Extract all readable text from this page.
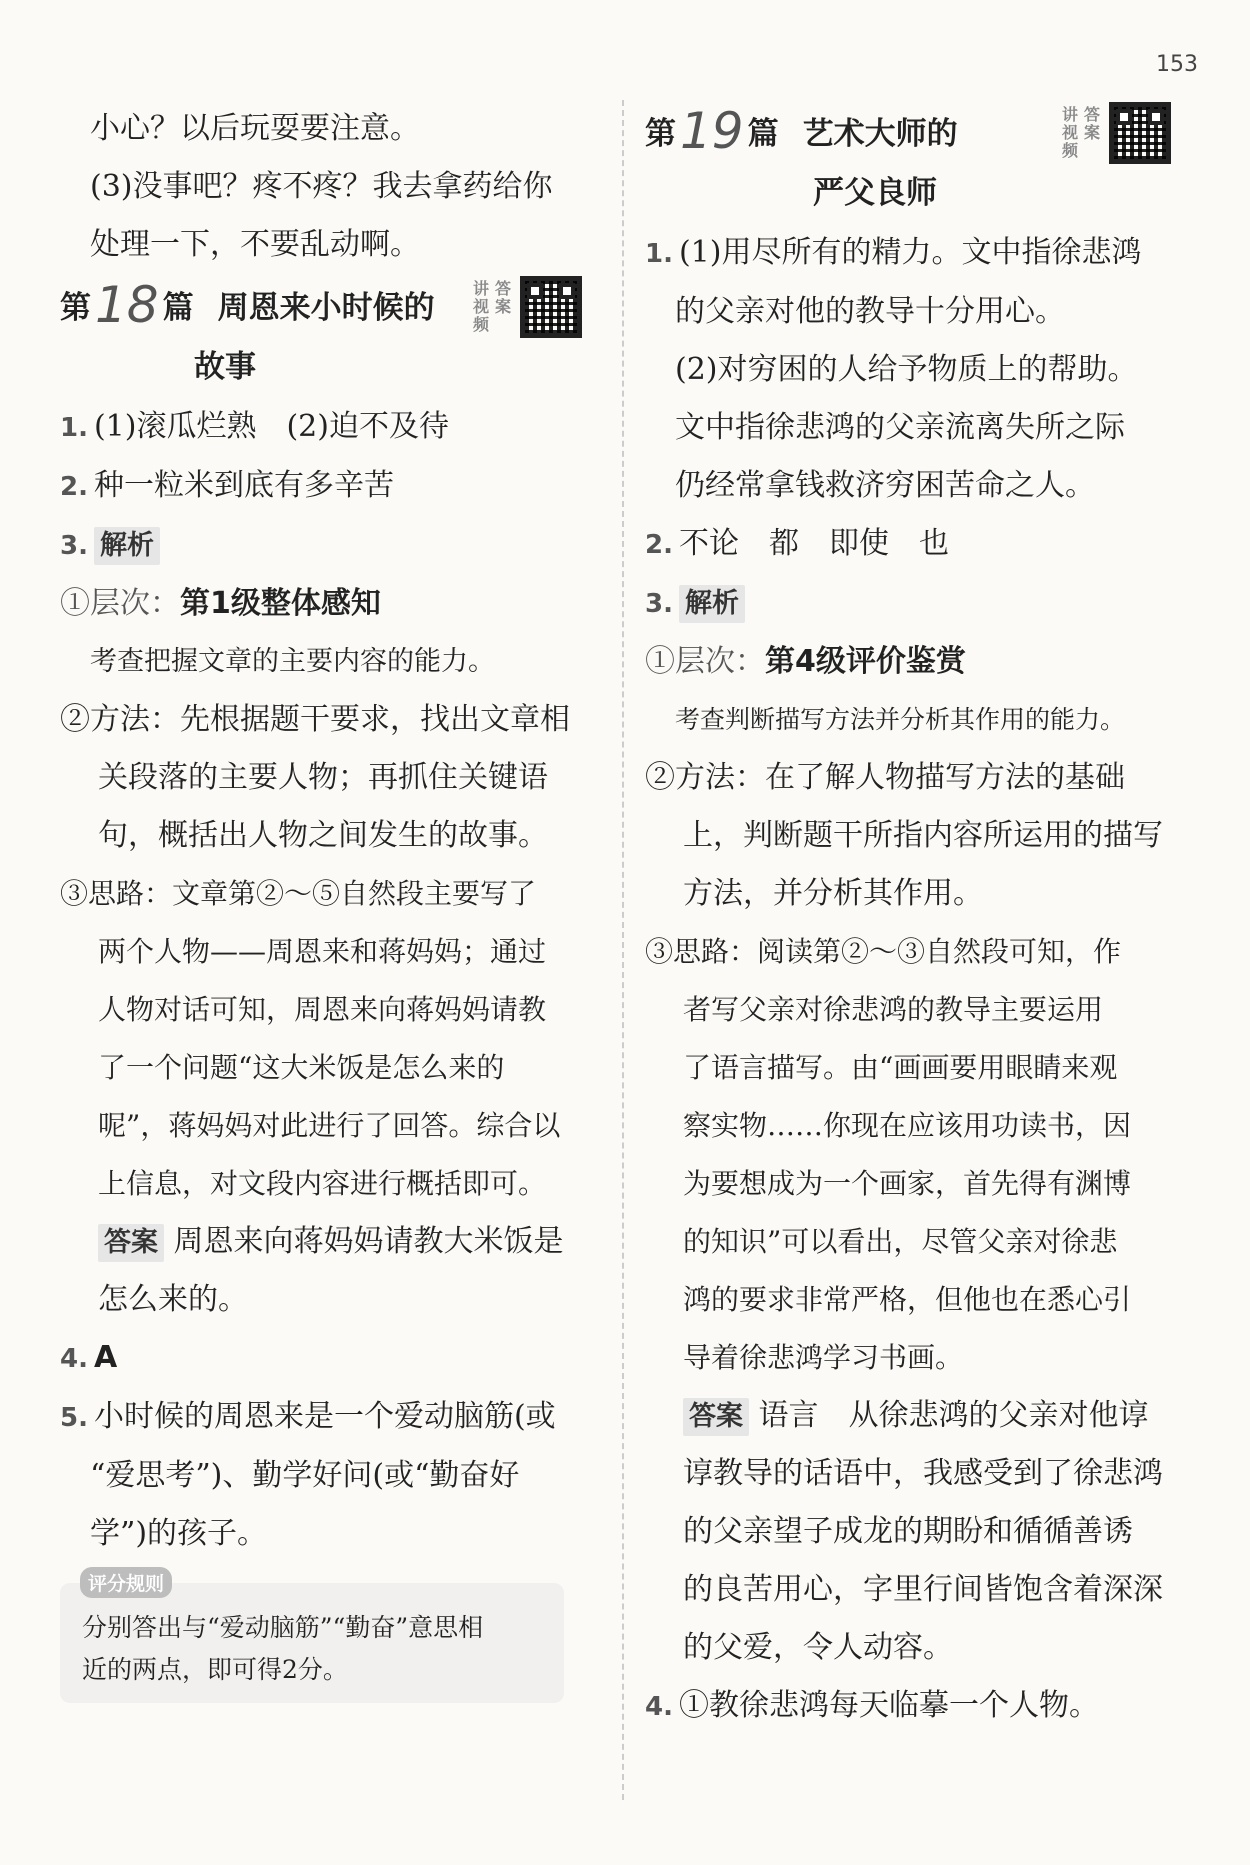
153
小心？以后玩耍要注意。
(3)没事吧？疼不疼？我去拿药给你
处理一下，不要乱动啊。
第18 篇 周恩来小时候的
讲 答
视 案
频
故事
1. (1)滚瓜烂熟　(2)迫不及待
2. 种一粒米到底有多辛苦
3. 解析
①层次：第1级整体感知
考查把握文章的主要内容的能力。
②方法：先根据题干要求，找出文章相
关段落的主要人物；再抓住关键语
句，概括出人物之间发生的故事。
③思路：文章第②～⑤自然段主要写了
两个人物——周恩来和蒋妈妈；通过
人物对话可知，周恩来向蒋妈妈请教
了一个问题“这大米饭是怎么来的
呢”，蒋妈妈对此进行了回答。综合以
上信息，对文段内容进行概括即可。
答案 周恩来向蒋妈妈请教大米饭是
怎么来的。
4. A
5. 小时候的周恩来是一个爱动脑筋(或
“爱思考”)、勤学好问(或“勤奋好
学”)的孩子。
评分规则
分别答出与“爱动脑筋”“勤奋”意思相
近的两点，即可得2分。
第19 篇 艺术大师的
讲 答
视 案
频
严父良师
1. (1)用尽所有的精力。文中指徐悲鸿
的父亲对他的教导十分用心。
(2)对穷困的人给予物质上的帮助。
文中指徐悲鸿的父亲流离失所之际
仍经常拿钱救济穷困苦命之人。
2. 不论　都　即使　也
3. 解析
①层次：第4级评价鉴赏
考查判断描写方法并分析其作用的能力。
②方法：在了解人物描写方法的基础
上，判断题干所指内容所运用的描写
方法，并分析其作用。
③思路：阅读第②～③自然段可知，作
者写父亲对徐悲鸿的教导主要运用
了语言描写。由“画画要用眼睛来观
察实物……你现在应该用功读书，因
为要想成为一个画家，首先得有渊博
的知识”可以看出，尽管父亲对徐悲
鸿的要求非常严格，但他也在悉心引
导着徐悲鸿学习书画。
答案 语言　从徐悲鸿的父亲对他谆
谆教导的话语中，我感受到了徐悲鸿
的父亲望子成龙的期盼和循循善诱
的良苦用心，字里行间皆饱含着深深
的父爱，令人动容。
4. ①教徐悲鸿每天临摹一个人物。
